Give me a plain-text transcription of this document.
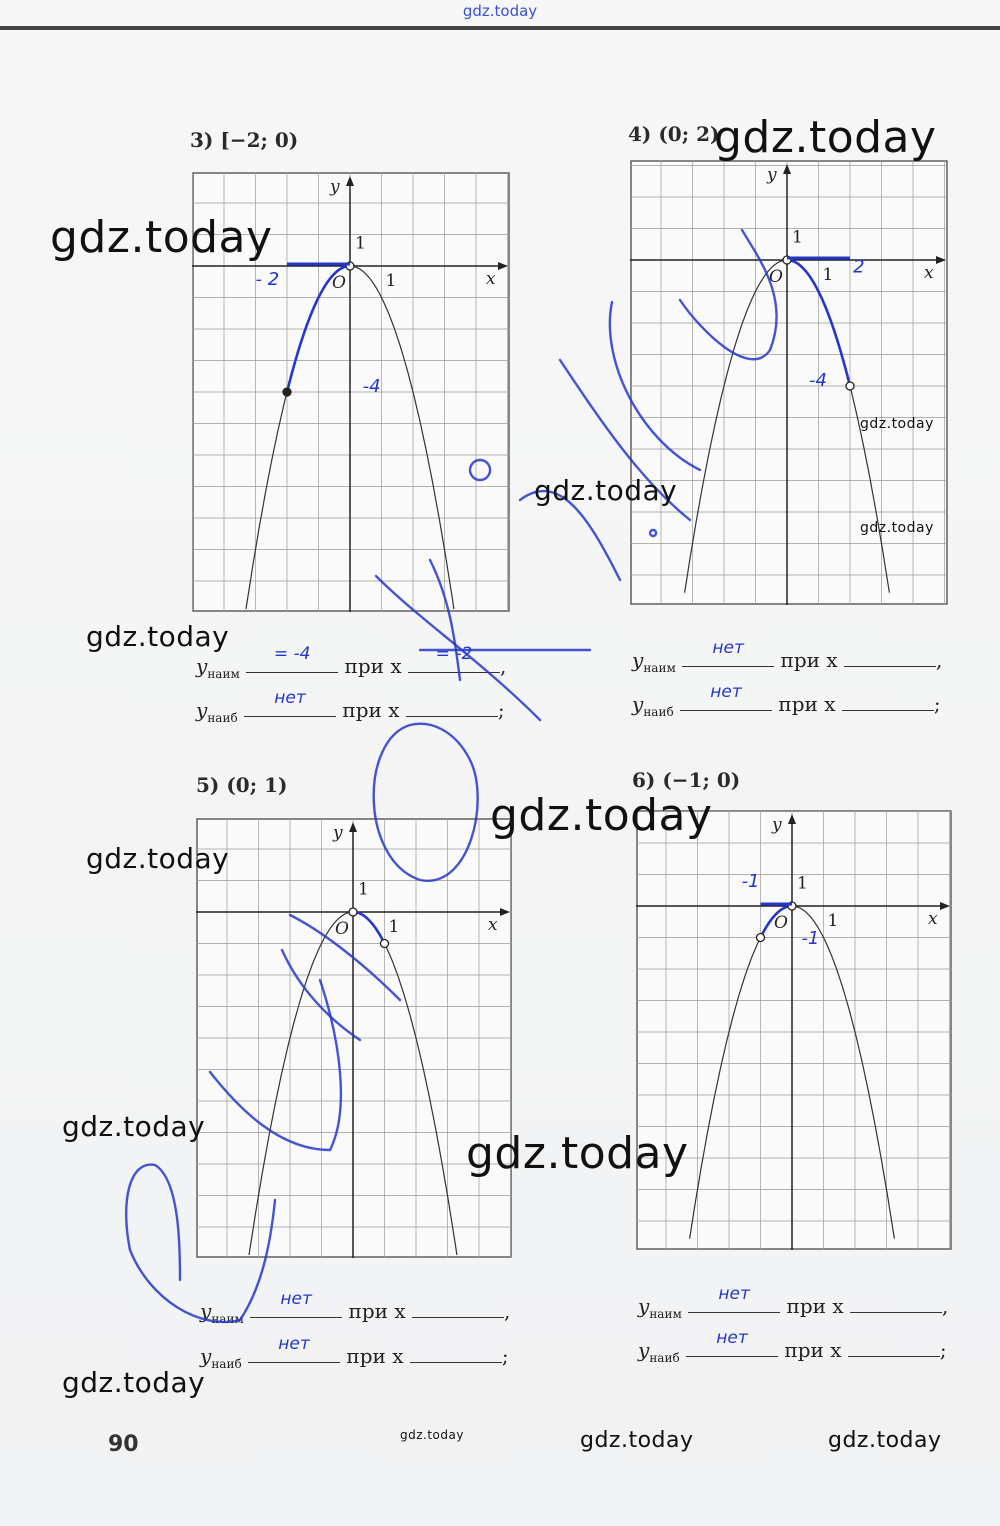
gdz.today
3) [−2; 0)
x
y
O 1
1
- 2
-4
4) (0; 2)
x
y
O 1
1
2
-4
5) (0; 1)
x
y
O 1
1
6) (−1; 0)
x
y
O 1
1
-1
-1
$y_{наим}$
= -4	при x	= -2	,
$y_{наиб}$
нет	при x	;
$y_{наим}$
нет	при x	,
$y_{наиб}$
нет	при x	;
$y_{наим}$
нет	при x	,
$y_{наиб}$
нет	при x	;
$y_{наим}$
нет	при x	,
$y_{наиб}$
нет	при x	;
gdz.today
gdz.today
gdz.today
gdz.today
gdz.today
gdz.today
gdz.today
gdz.today
gdz.today
gdz.today
gdz.today
gdz.today	gdz.today	gdz.today
90
